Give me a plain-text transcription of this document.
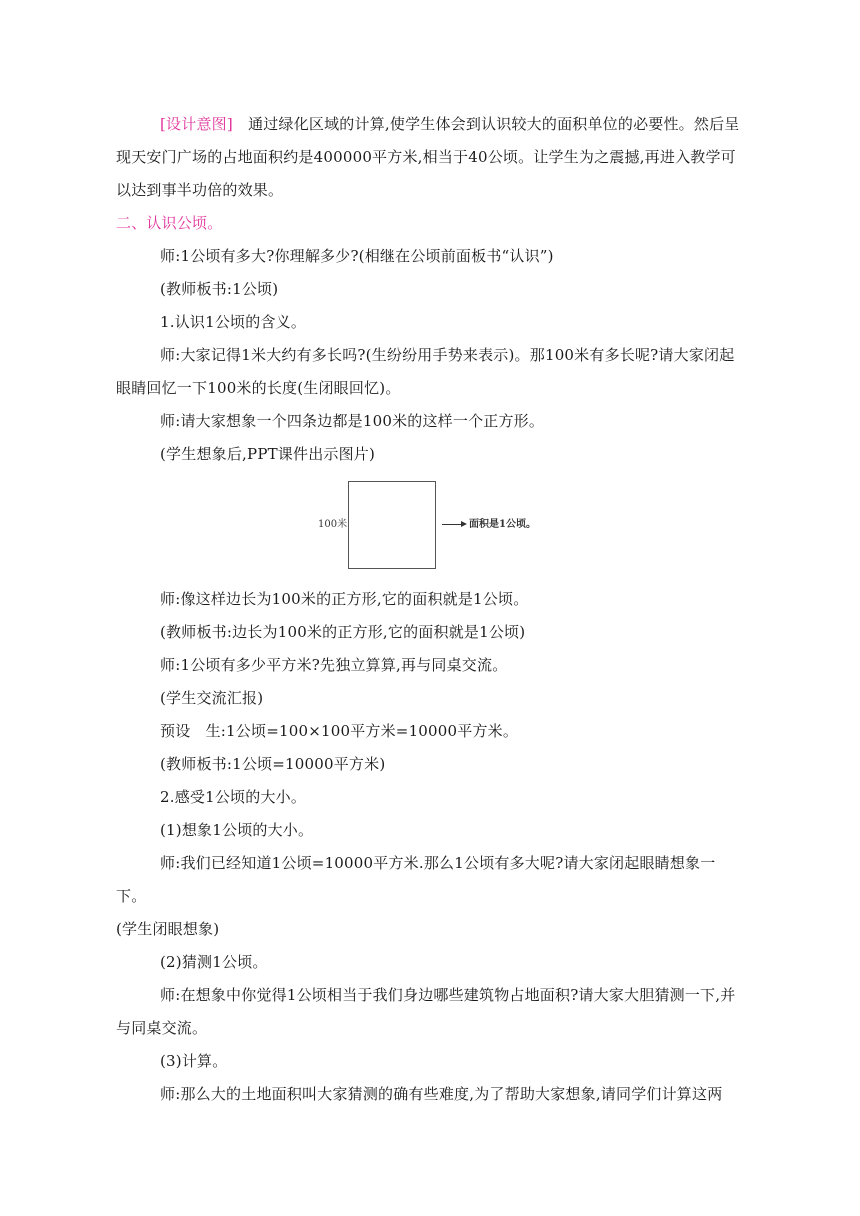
[设计意图]　通过绿化区域的计算,使学生体会到认识较大的面积单位的必要性。然后呈现天安门广场的占地面积约是400000平方米,相当于40公顷。让学生为之震撼,再进入教学可以达到事半功倍的效果。

二、认识公顷。

师:1公顷有多大?你理解多少?(相继在公顷前面板书“认识”)

(教师板书:1公顷)

1.认识1公顷的含义。

师:大家记得1米大约有多长吗?(生纷纷用手势来表示)。那100米有多长呢?请大家闭起眼睛回忆一下100米的长度(生闭眼回忆)。

师:请大家想象一个四条边都是100米的这样一个正方形。

(学生想象后,PPT课件出示图片)

100米	面积是1公顷。

师:像这样边长为100米的正方形,它的面积就是1公顷。

(教师板书:边长为100米的正方形,它的面积就是1公顷)

师:1公顷有多少平方米?先独立算算,再与同桌交流。

(学生交流汇报)

预设　生:1公顷=100×100平方米=10000平方米。

(教师板书:1公顷=10000平方米)

2.感受1公顷的大小。

(1)想象1公顷的大小。

师:我们已经知道1公顷=10000平方米.那么1公顷有多大呢?请大家闭起眼睛想象一下。

(学生闭眼想象)

(2)猜测1公顷。

师:在想象中你觉得1公顷相当于我们身边哪些建筑物占地面积?请大家大胆猜测一下,并与同桌交流。

(3)计算。

师:那么大的土地面积叫大家猜测的确有些难度,为了帮助大家想象,请同学们计算这两
